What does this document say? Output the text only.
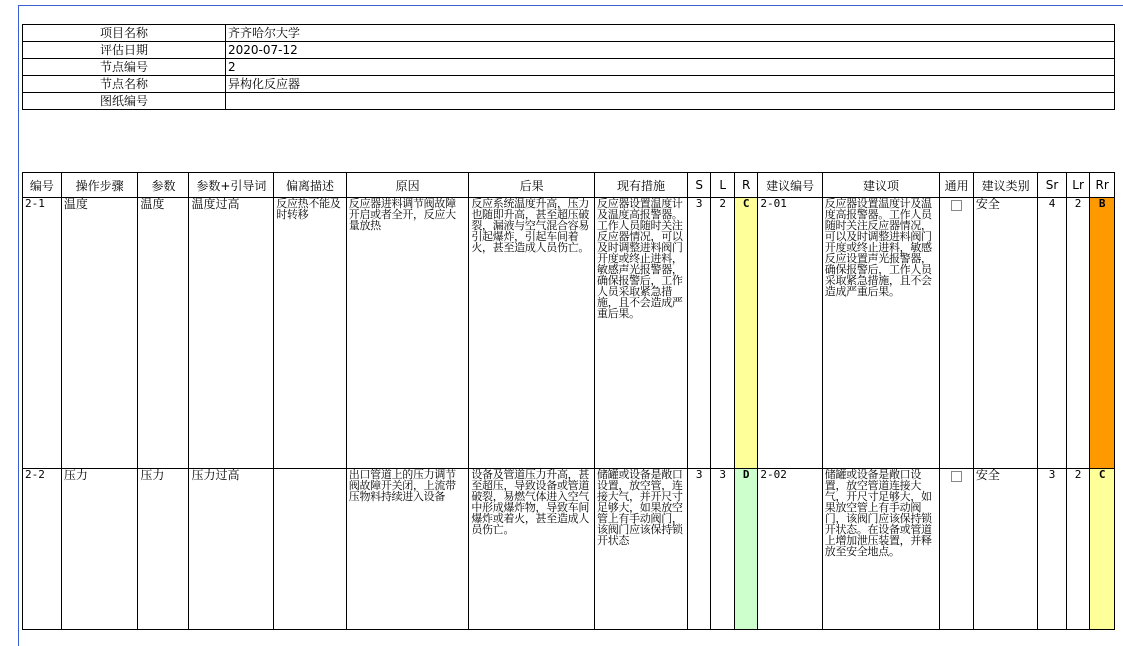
项目名称	齐齐哈尔大学
评估日期	2020-07-12
节点编号	2
节点名称	异构化反应器
图纸编号	
编号	操作步骤	参数	参数+引导词	偏离描述	原因	后果	现有措施	S	L	R	建议编号	建议项	通用	建议类别	Sr	Lr	Rr
2-1	温度	温度	温度过高	反应热不能及时转移	反应器进料调节阀故障开启或者全开，反应大量放热	反应系统温度升高，压力也随即升高，甚至超压破裂，漏液与空气混合容易引起爆炸，引起车间着火，甚至造成人员伤亡。	反应器设置温度计及温度高报警器。工作人员随时关注反应器情况，可以及时调整进料阀门开度或终止进料，敏感声光报警器，确保报警后，工作人员采取紧急措施，且不会造成严重后果。	3	2	C	2-01	反应器设置温度计及温度高报警器。工作人员随时关注反应器情况，可以及时调整进料阀门开度或终止进料，敏感反应设置声光报警器，确保报警后，工作人员采取紧急措施，且不会造成严重后果。		安全	4	2	B
2-2	压力	压力	压力过高		出口管道上的压力调节阀故障开关闭，上流带压物料持续进入设备	设备及管道压力升高，甚至超压，导致设备或管道破裂，易燃气体进入空气中形成爆炸物，导致车间爆炸或着火，甚至造成人员伤亡。	储罐或设备是敞口设置，放空管，连接大气，并开尺寸足够大，如果放空管上有手动阀门，该阀门应该保持锁开状态	3	3	D	2-02	储罐或设备是敞口设置，放空管道连接大气，开尺寸足够大，如果放空管上有手动阀门，该阀门应该保持锁开状态。在设备或管道上增加泄压装置，并释放至安全地点。		安全	3	2	C
